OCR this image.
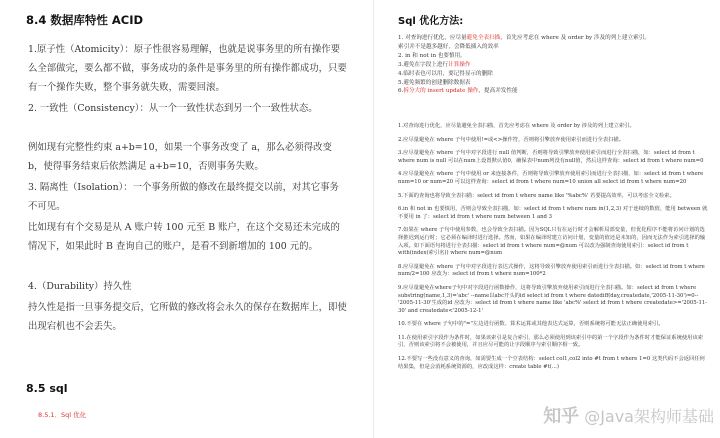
8.4 数据库特性 ACID

1.原子性（Atomicity）：原子性很容易理解，也就是说事务里的所有操作要么全部做完，要么都不做，事务成功的条件是事务里的所有操作都成功，只要有一个操作失败，整个事务就失败，需要回滚。

2. 一致性（Consistency）：从一个一致性状态到另一个一致性状态。

例如现有完整性约束 a+b=10，如果一个事务改变了 a，那么必须得改变 b，使得事务结束后依然满足 a+b=10，否则事务失败。

3. 隔离性（Isolation）：一个事务所做的修改在最终提交以前，对其它事务不可见。

比如现有有个交易是从 A 账户转 100 元至 B 账户，在这个交易还未完成的情况下，如果此时 B 查询自己的账户，是看不到新增加的 100 元的。

4.（Durability）持久性

持久性是指一旦事务提交后，它所做的修改将会永久的保存在数据库上，即使出现宕机也不会丢失。

8.5 sql
8.5.1．Sql 优化
Sql 优化方法:
1. 对查询进行优化，应尽量避免全表扫描，首先应考虑在 where 及 order by 涉及的列上建立索引。
索引并不是越多越好，会降低插入的效率
2. in 和 not in 也要慎用。
3.避免在字段上进行计算操作
4.临时表也可以用，要记得显示的删除
5.避免频繁的创建删除数据表
6.拆分大的 insert update 操作，提高并发性能

1.对查询进行优化，应尽量避免全表扫描，首先应考虑在 where 及 order by 涉及的列上建立索引。

2.应尽量避免在 where 子句中使用!=或<>操作符，否则将引擎放弃使用索引而进行全表扫描。

3.应尽量避免在 where 子句中对字段进行 null 值判断，否则将导致引擎放弃使用索引而进行全表扫描，如：select id from t where num is null 可以在num上设置默认值0，确保表中num列没有null值，然后这样查询：select id from t where num=0

4.应尽量避免在 where 子句中使用 or 来连接条件，否则将导致引擎放弃使用索引而进行全表扫描，如：select id from t where num=10 or num=20 可以这样查询：select id from t where num=10 union all select id from t where num=20

5.下面的查询也将导致全表扫描：select id from t where name like '%abc%' 若要提高效率，可以考虑全文检索。

6.in 和 not in 也要慎用，否则会导致全表扫描，如：select id from t where num in(1,2,3) 对于连续的数值，能用 between 就不要用 in 了：select id from t where num between 1 and 3

7.如果在 where 子句中使用参数，也会导致全表扫描。因为SQL只有在运行时才会解析局部变量，但优化程序不能将访问计划的选择推迟到运行时；它必须在编译时进行选择。然而，如果在编译时建立访问计划，变量的值还是未知的，因而无法作为索引选择的输入项。如下面语句将进行全表扫描：select id from t where num=@num 可以改为强制查询使用索引：select id from t with(index(索引名)) where num=@num

8.应尽量避免在 where 子句中对字段进行表达式操作，这将导致引擎放弃使用索引而进行全表扫描。如：select id from t where num/2=100 应改为：select id from t where num=100*2

9.应尽量避免在where子句中对字段进行函数操作，这将导致引擎放弃使用索引而进行全表扫描。如：select id from t where substring(name,1,3)='abc' --name以abc开头的id select id from t where datediff(day,createdate,'2005-11-30')=0--'2005-11-30'生成的id 应改为：select id from t where name like 'abc%' select id from t where createdate>='2005-11-30' and createdate<'2005-12-1'

10.不要在 where 子句中的"="左边进行函数、算术运算或其他表达式运算，否则系统将可能无法正确使用索引。

11.在使用索引字段作为条件时，如果该索引是复合索引，那么必须使用到该索引中的第一个字段作为条件时才能保证系统使用该索引，否则该索引将不会被使用，并且应尽可能的让字段顺序与索引顺序相一致。

12.不要写一些没有意义的查询，如需要生成一个空表结构：select col1,col2 into #t from t where 1=0 这类代码不会返回任何结果集，但是会消耗系统资源的，应改成这样：create table #t(...)

知乎 @Java架构师基础
